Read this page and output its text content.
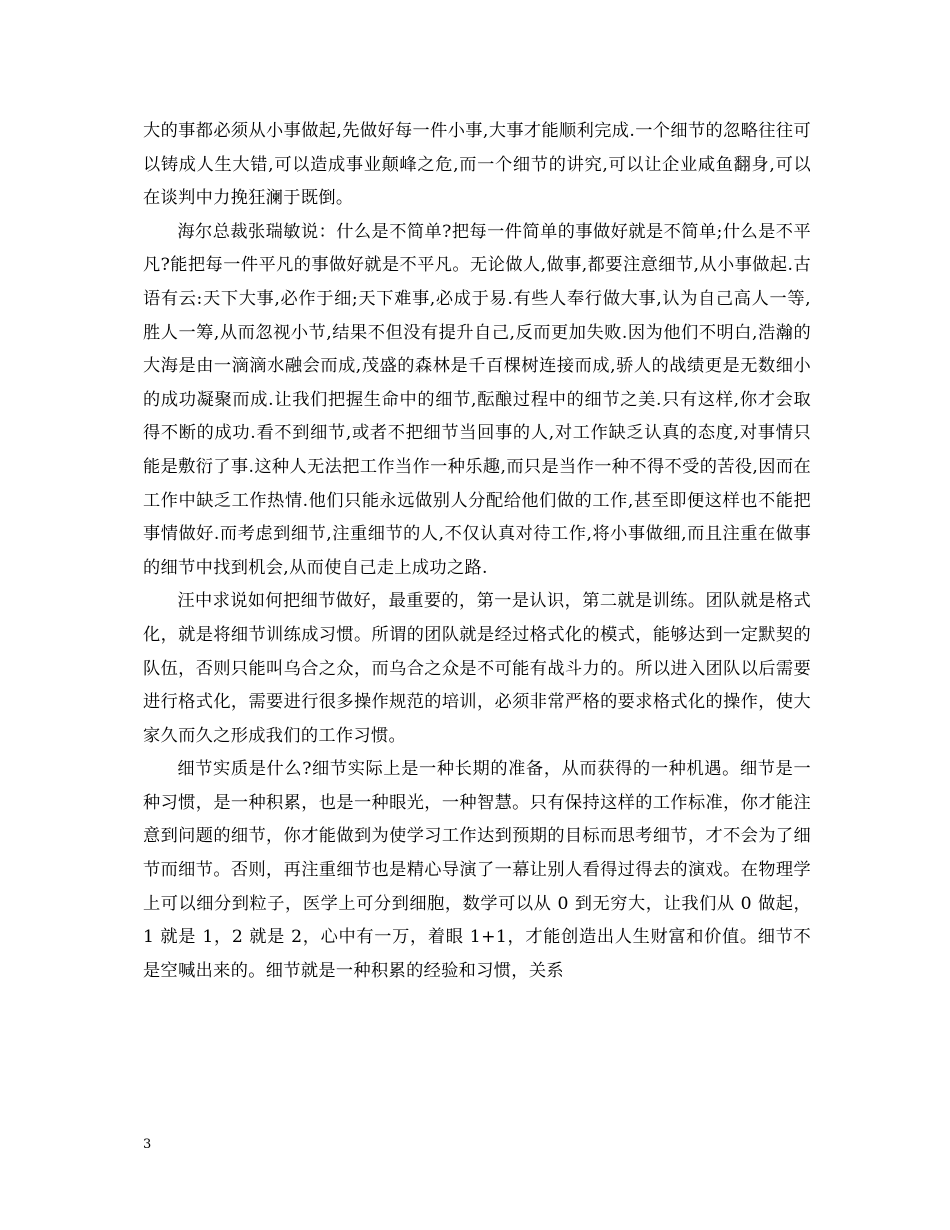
大的事都必须从小事做起,先做好每一件小事,大事才能顺利完成.一个细节的忽略往往可以铸成人生大错,可以造成事业颠峰之危,而一个细节的讲究,可以让企业咸鱼翻身,可以在谈判中力挽狂澜于既倒。

海尔总裁张瑞敏说：什么是不简单?把每一件简单的事做好就是不简单;什么是不平凡?能把每一件平凡的事做好就是不平凡。无论做人,做事,都要注意细节,从小事做起.古语有云:天下大事,必作于细;天下难事,必成于易.有些人奉行做大事,认为自己高人一等,胜人一筹,从而忽视小节,结果不但没有提升自己,反而更加失败.因为他们不明白,浩瀚的大海是由一滴滴水融会而成,茂盛的森林是千百棵树连接而成,骄人的战绩更是无数细小的成功凝聚而成.让我们把握生命中的细节,酝酿过程中的细节之美.只有这样,你才会取得不断的成功.看不到细节,或者不把细节当回事的人,对工作缺乏认真的态度,对事情只能是敷衍了事.这种人无法把工作当作一种乐趣,而只是当作一种不得不受的苦役,因而在工作中缺乏工作热情.他们只能永远做别人分配给他们做的工作,甚至即便这样也不能把事情做好.而考虑到细节,注重细节的人,不仅认真对待工作,将小事做细,而且注重在做事的细节中找到机会,从而使自己走上成功之路.

汪中求说如何把细节做好，最重要的，第一是认识，第二就是训练。团队就是格式化，就是将细节训练成习惯。所谓的团队就是经过格式化的模式，能够达到一定默契的队伍，否则只能叫乌合之众，而乌合之众是不可能有战斗力的。所以进入团队以后需要进行格式化，需要进行很多操作规范的培训，必须非常严格的要求格式化的操作，使大家久而久之形成我们的工作习惯。

细节实质是什么?细节实际上是一种长期的准备，从而获得的一种机遇。细节是一种习惯，是一种积累，也是一种眼光，一种智慧。只有保持这样的工作标准，你才能注意到问题的细节，你才能做到为使学习工作达到预期的目标而思考细节，才不会为了细节而细节。否则，再注重细节也是精心导演了一幕让别人看得过得去的演戏。在物理学上可以细分到粒子，医学上可分到细胞，数学可以从 0 到无穷大，让我们从 0 做起，1 就是 1，2 就是 2，心中有一万，着眼 1+1，才能创造出人生财富和价值。细节不是空喊出来的。细节就是一种积累的经验和习惯，关系

3
